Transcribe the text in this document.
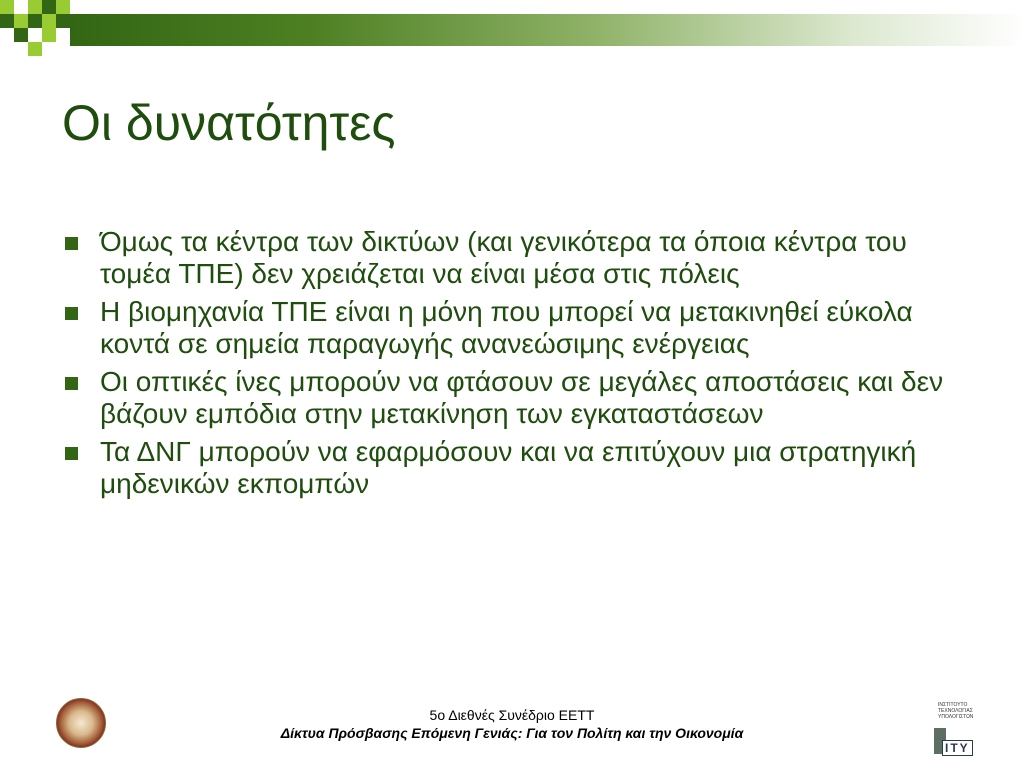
Οι δυνατότητες
Όμως τα κέντρα των δικτύων (και γενικότερα τα όποια κέντρα του τομέα ΤΠΕ) δεν χρειάζεται να είναι μέσα στις πόλεις
Η βιομηχανία ΤΠΕ είναι η μόνη που μπορεί να μετακινηθεί εύκολα κοντά σε σημεία παραγωγής ανανεώσιμης ενέργειας
Οι οπτικές ίνες μπορούν να φτάσουν σε μεγάλες αποστάσεις και δεν βάζουν εμπόδια στην μετακίνηση των εγκαταστάσεων
Τα ΔΝΓ μπορούν να εφαρμόσουν και να επιτύχουν μια στρατηγική μηδενικών εκπομπών
5ο Διεθνές Συνέδριο ΕΕΤΤ
Δίκτυα Πρόσβασης Επόμενη Γενιάς: Για τον Πολίτη και την Οικονομία
ΙΝΣΤΙΤΟΥΤΟ ΤΕΧΝΟΛΟΓΙΑΣ ΥΠΟΛΟΓΙΣΤΩΝ
ITY
